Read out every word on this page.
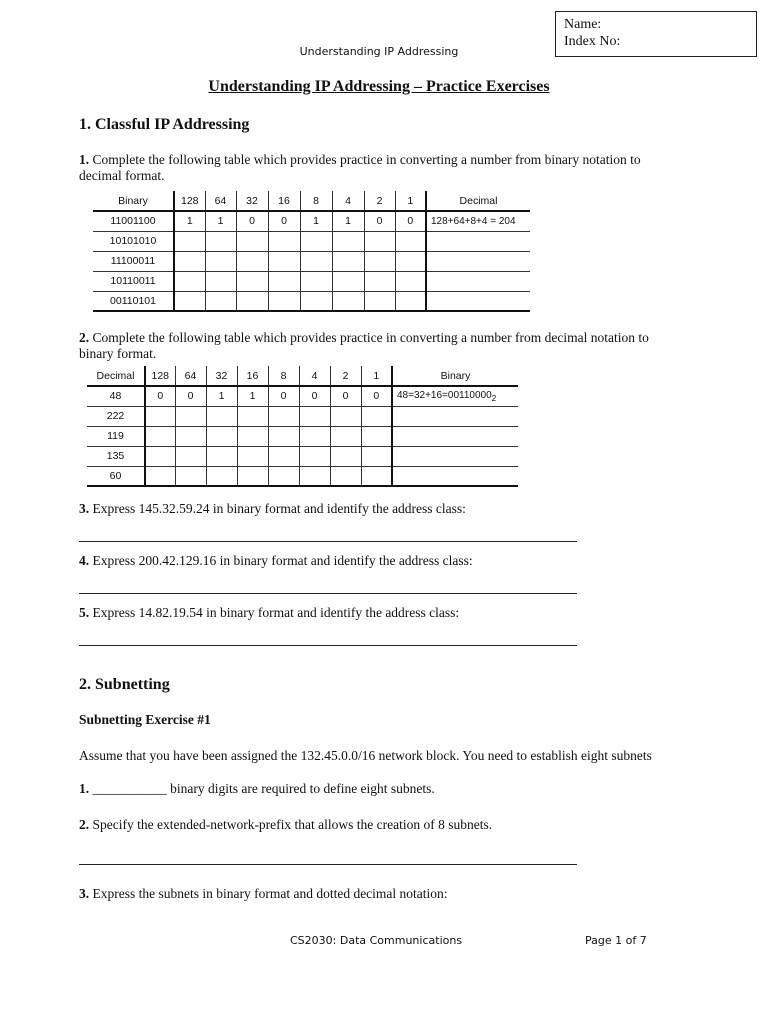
Name:
Index No:
Understanding IP Addressing
Understanding IP Addressing – Practice Exercises
1. Classful IP Addressing
1. Complete the following table which provides practice in converting a number from binary notation to decimal format.
Binary	128	64	32	16	8	4	2	1	Decimal
11001100	1	1	0	0	1	1	0	0	128+64+8+4 = 204
10101010									
11100011									
10110011									
00110101									
2. Complete the following table which provides practice in converting a number from decimal notation to binary format.
Decimal	128	64	32	16	8	4	2	1	Binary
48	0	0	1	1	0	0	0	0	$48=32+16=00110000_2$
222									
119									
135									
60									
3. Express 145.32.59.24 in binary format and identify the address class:
4. Express 200.42.129.16 in binary format and identify the address class:
5. Express 14.82.19.54 in binary format and identify the address class:
2. Subnetting
Subnetting Exercise #1
Assume that you have been assigned the 132.45.0.0/16 network block. You need to establish eight subnets
1. ___________ binary digits are required to define eight subnets.
2. Specify the extended-network-prefix that allows the creation of 8 subnets.
3. Express the subnets in binary format and dotted decimal notation:
CS2030: Data Communications	Page 1 of 7
